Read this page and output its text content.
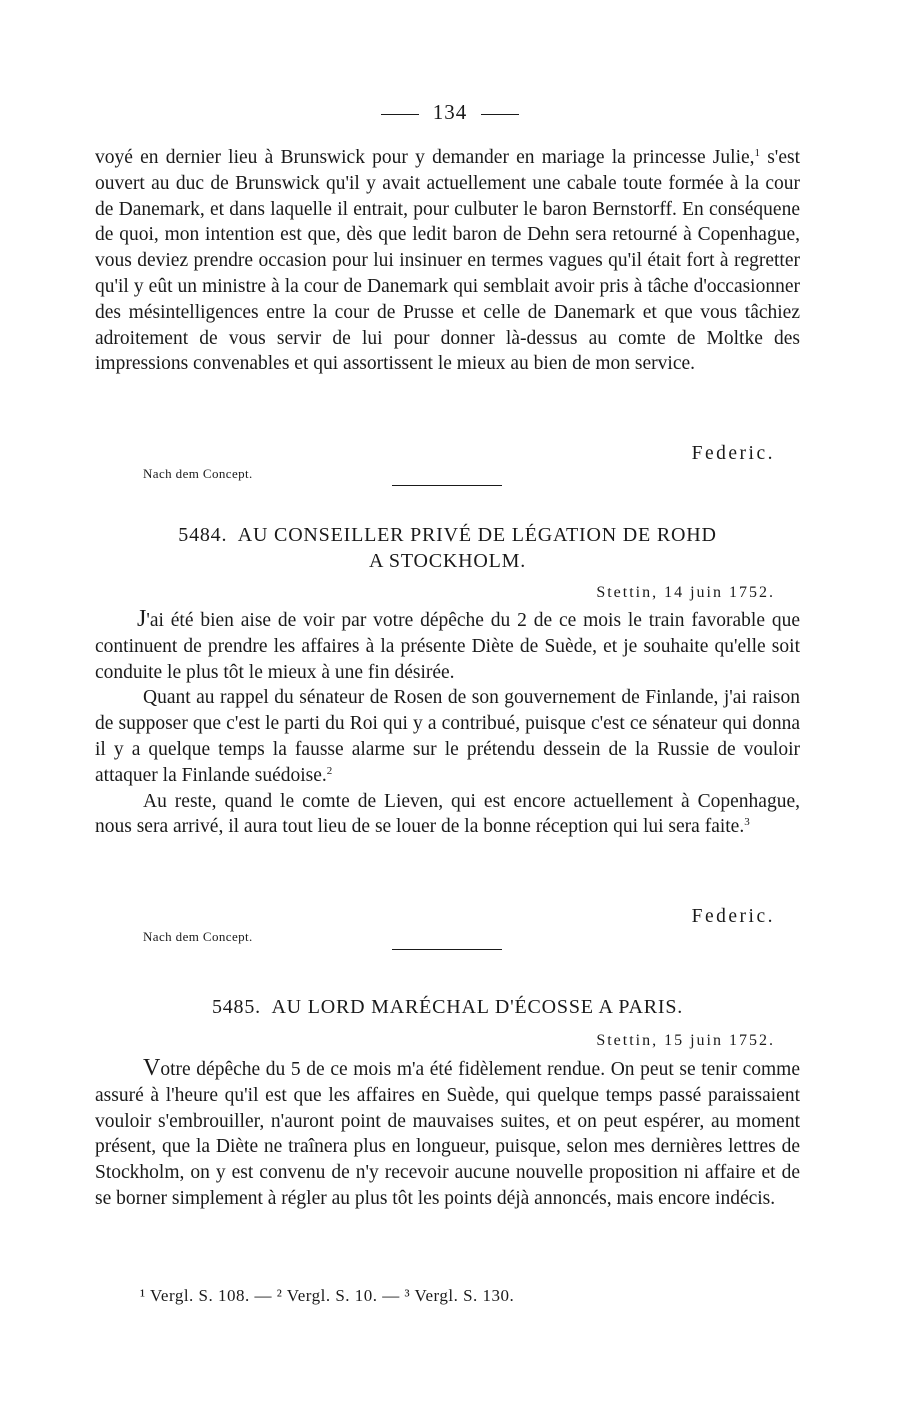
134

voyé en dernier lieu à Brunswick pour y demander en mariage la princesse Julie,$^1$ s'est ouvert au duc de Brunswick qu'il y avait actuellement une cabale toute formée à la cour de Danemark, et dans laquelle il entrait, pour culbuter le baron Bernstorff. En conséquene de quoi, mon intention est que, dès que ledit baron de Dehn sera retourné à Copenhague, vous deviez prendre occasion pour lui insinuer en termes vagues qu'il était fort à regretter qu'il y eût un ministre à la cour de Danemark qui semblait avoir pris à tâche d'occasionner des mésintelligences entre la cour de Prusse et celle de Danemark et que vous tâchiez adroitement de vous servir de lui pour donner là-dessus au comte de Moltke des impressions convenables et qui assortissent le mieux au bien de mon service.

Federic.
Nach dem Concept.
5484. AU CONSEILLER PRIVÉ DE LÉGATION DE ROHD
A STOCKHOLM.
Stettin, 14 juin 1752.

J'ai été bien aise de voir par votre dépêche du 2 de ce mois le train favorable que continuent de prendre les affaires à la présente Diète de Suède, et je souhaite qu'elle soit conduite le plus tôt le mieux à une fin désirée.

Quant au rappel du sénateur de Rosen de son gouvernement de Finlande, j'ai raison de supposer que c'est le parti du Roi qui y a contribué, puisque c'est ce sénateur qui donna il y a quelque temps la fausse alarme sur le prétendu dessein de la Russie de vouloir attaquer la Finlande suédoise.$^2$

Au reste, quand le comte de Lieven, qui est encore actuellement à Copenhague, nous sera arrivé, il aura tout lieu de se louer de la bonne réception qui lui sera faite.$^3$

Federic.
Nach dem Concept.
5485. AU LORD MARÉCHAL D'ÉCOSSE A PARIS.
Stettin, 15 juin 1752.

Votre dépêche du 5 de ce mois m'a été fidèlement rendue. On peut se tenir comme assuré à l'heure qu'il est que les affaires en Suède, qui quelque temps passé paraissaient vouloir s'embrouiller, n'auront point de mauvaises suites, et on peut espérer, au moment présent, que la Diète ne traînera plus en longueur, puisque, selon mes dernières lettres de Stockholm, on y est convenu de n'y recevoir aucune nouvelle proposition ni affaire et de se borner simplement à régler au plus tôt les points déjà annoncés, mais encore indécis.

¹ Vergl. S. 108. — ² Vergl. S. 10. — ³ Vergl. S. 130.
